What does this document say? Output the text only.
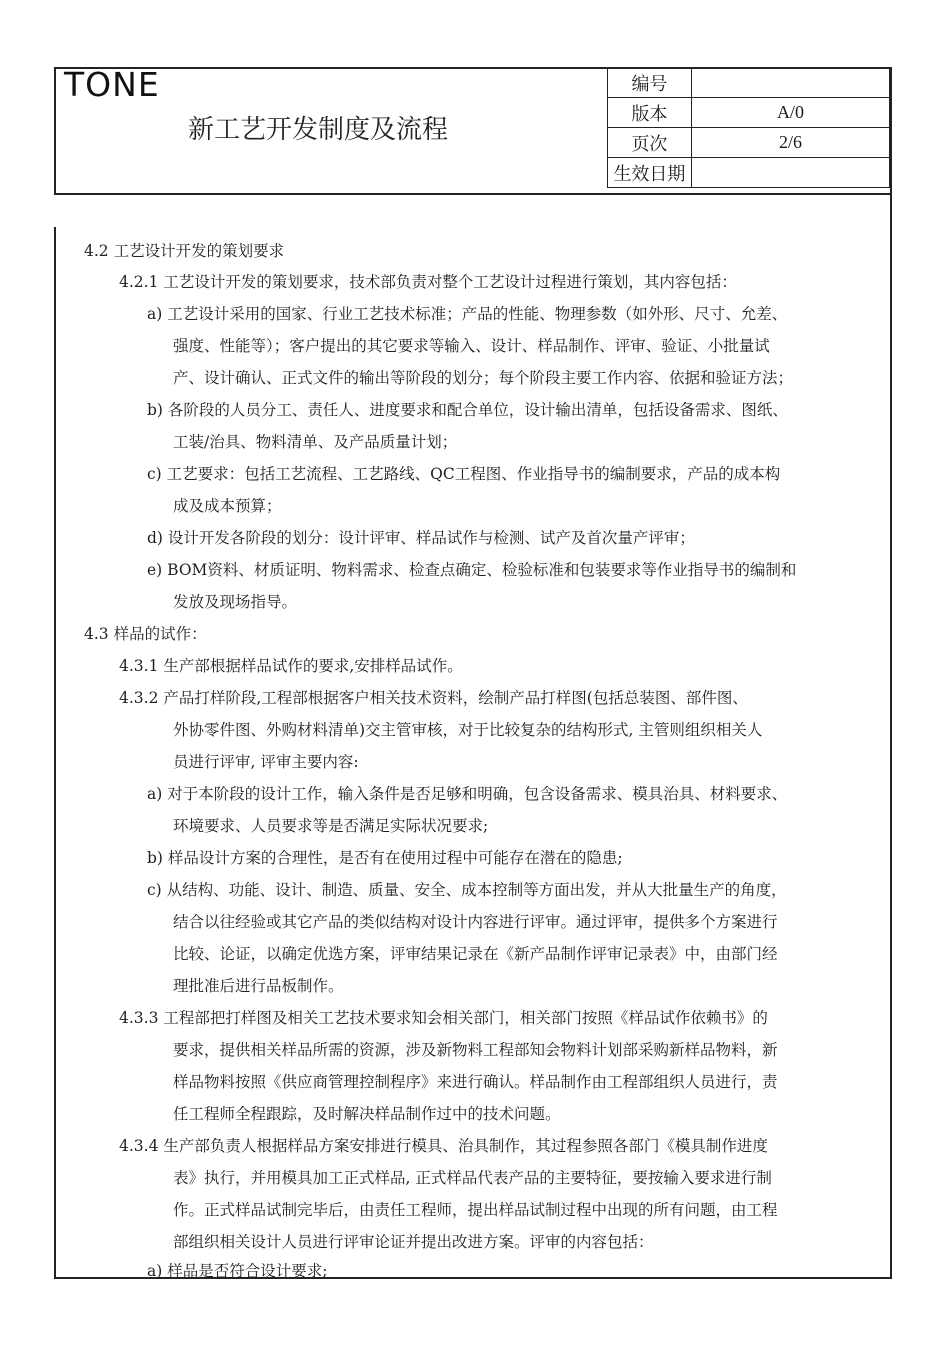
TONE
新工艺开发制度及流程
编号	
版本	A/0
页次	2/6
生效日期	
4.2 工艺设计开发的策划要求
4.2.1 工艺设计开发的策划要求，技术部负责对整个工艺设计过程进行策划，其内容包括：
a) 工艺设计采用的国家、行业工艺技术标准；产品的性能、物理参数（如外形、尺寸、允差、
强度、性能等）；客户提出的其它要求等输入、设计、样品制作、评审、验证、小批量试
产、设计确认、正式文件的输出等阶段的划分；每个阶段主要工作内容、依据和验证方法；
b) 各阶段的人员分工、责任人、进度要求和配合单位，设计输出清单，包括设备需求、图纸、
工装/治具、物料清单、及产品质量计划；
c) 工艺要求：包括工艺流程、工艺路线、QC工程图、作业指导书的编制要求，产品的成本构
成及成本预算；
d) 设计开发各阶段的划分：设计评审、样品试作与检测、试产及首次量产评审；
e) BOM资料、材质证明、物料需求、检查点确定、检验标准和包装要求等作业指导书的编制和
发放及现场指导。
4.3 样品的试作：
4.3.1 生产部根据样品试作的要求,安排样品试作。
4.3.2 产品打样阶段,工程部根据客户相关技术资料，绘制产品打样图(包括总装图、部件图、
外协零件图、外购材料清单)交主管审核，对于比较复杂的结构形式, 主管则组织相关人
员进行评审, 评审主要内容:
a) 对于本阶段的设计工作，输入条件是否足够和明确，包含设备需求、模具治具、材料要求、
环境要求、人员要求等是否满足实际状况要求;
b) 样品设计方案的合理性，是否有在使用过程中可能存在潜在的隐患;
c) 从结构、功能、设计、制造、质量、安全、成本控制等方面出发，并从大批量生产的角度，
结合以往经验或其它产品的类似结构对设计内容进行评审。通过评审，提供多个方案进行
比较、论证，以确定优选方案，评审结果记录在《新产品制作评审记录表》中，由部门经
理批准后进行品板制作。
4.3.3 工程部把打样图及相关工艺技术要求知会相关部门，相关部门按照《样品试作依赖书》的
要求，提供相关样品所需的资源，涉及新物料工程部知会物料计划部采购新样品物料，新
样品物料按照《供应商管理控制程序》来进行确认。样品制作由工程部组织人员进行，责
任工程师全程跟踪，及时解决样品制作过中的技术问题。
4.3.4 生产部负责人根据样品方案安排进行模具、治具制作，其过程参照各部门《模具制作进度
表》执行，并用模具加工正式样品, 正式样品代表产品的主要特征，要按输入要求进行制
作。正式样品试制完毕后，由责任工程师，提出样品试制过程中出现的所有问题，由工程
部组织相关设计人员进行评审论证并提出改进方案。评审的内容包括：
a) 样品是否符合设计要求;
